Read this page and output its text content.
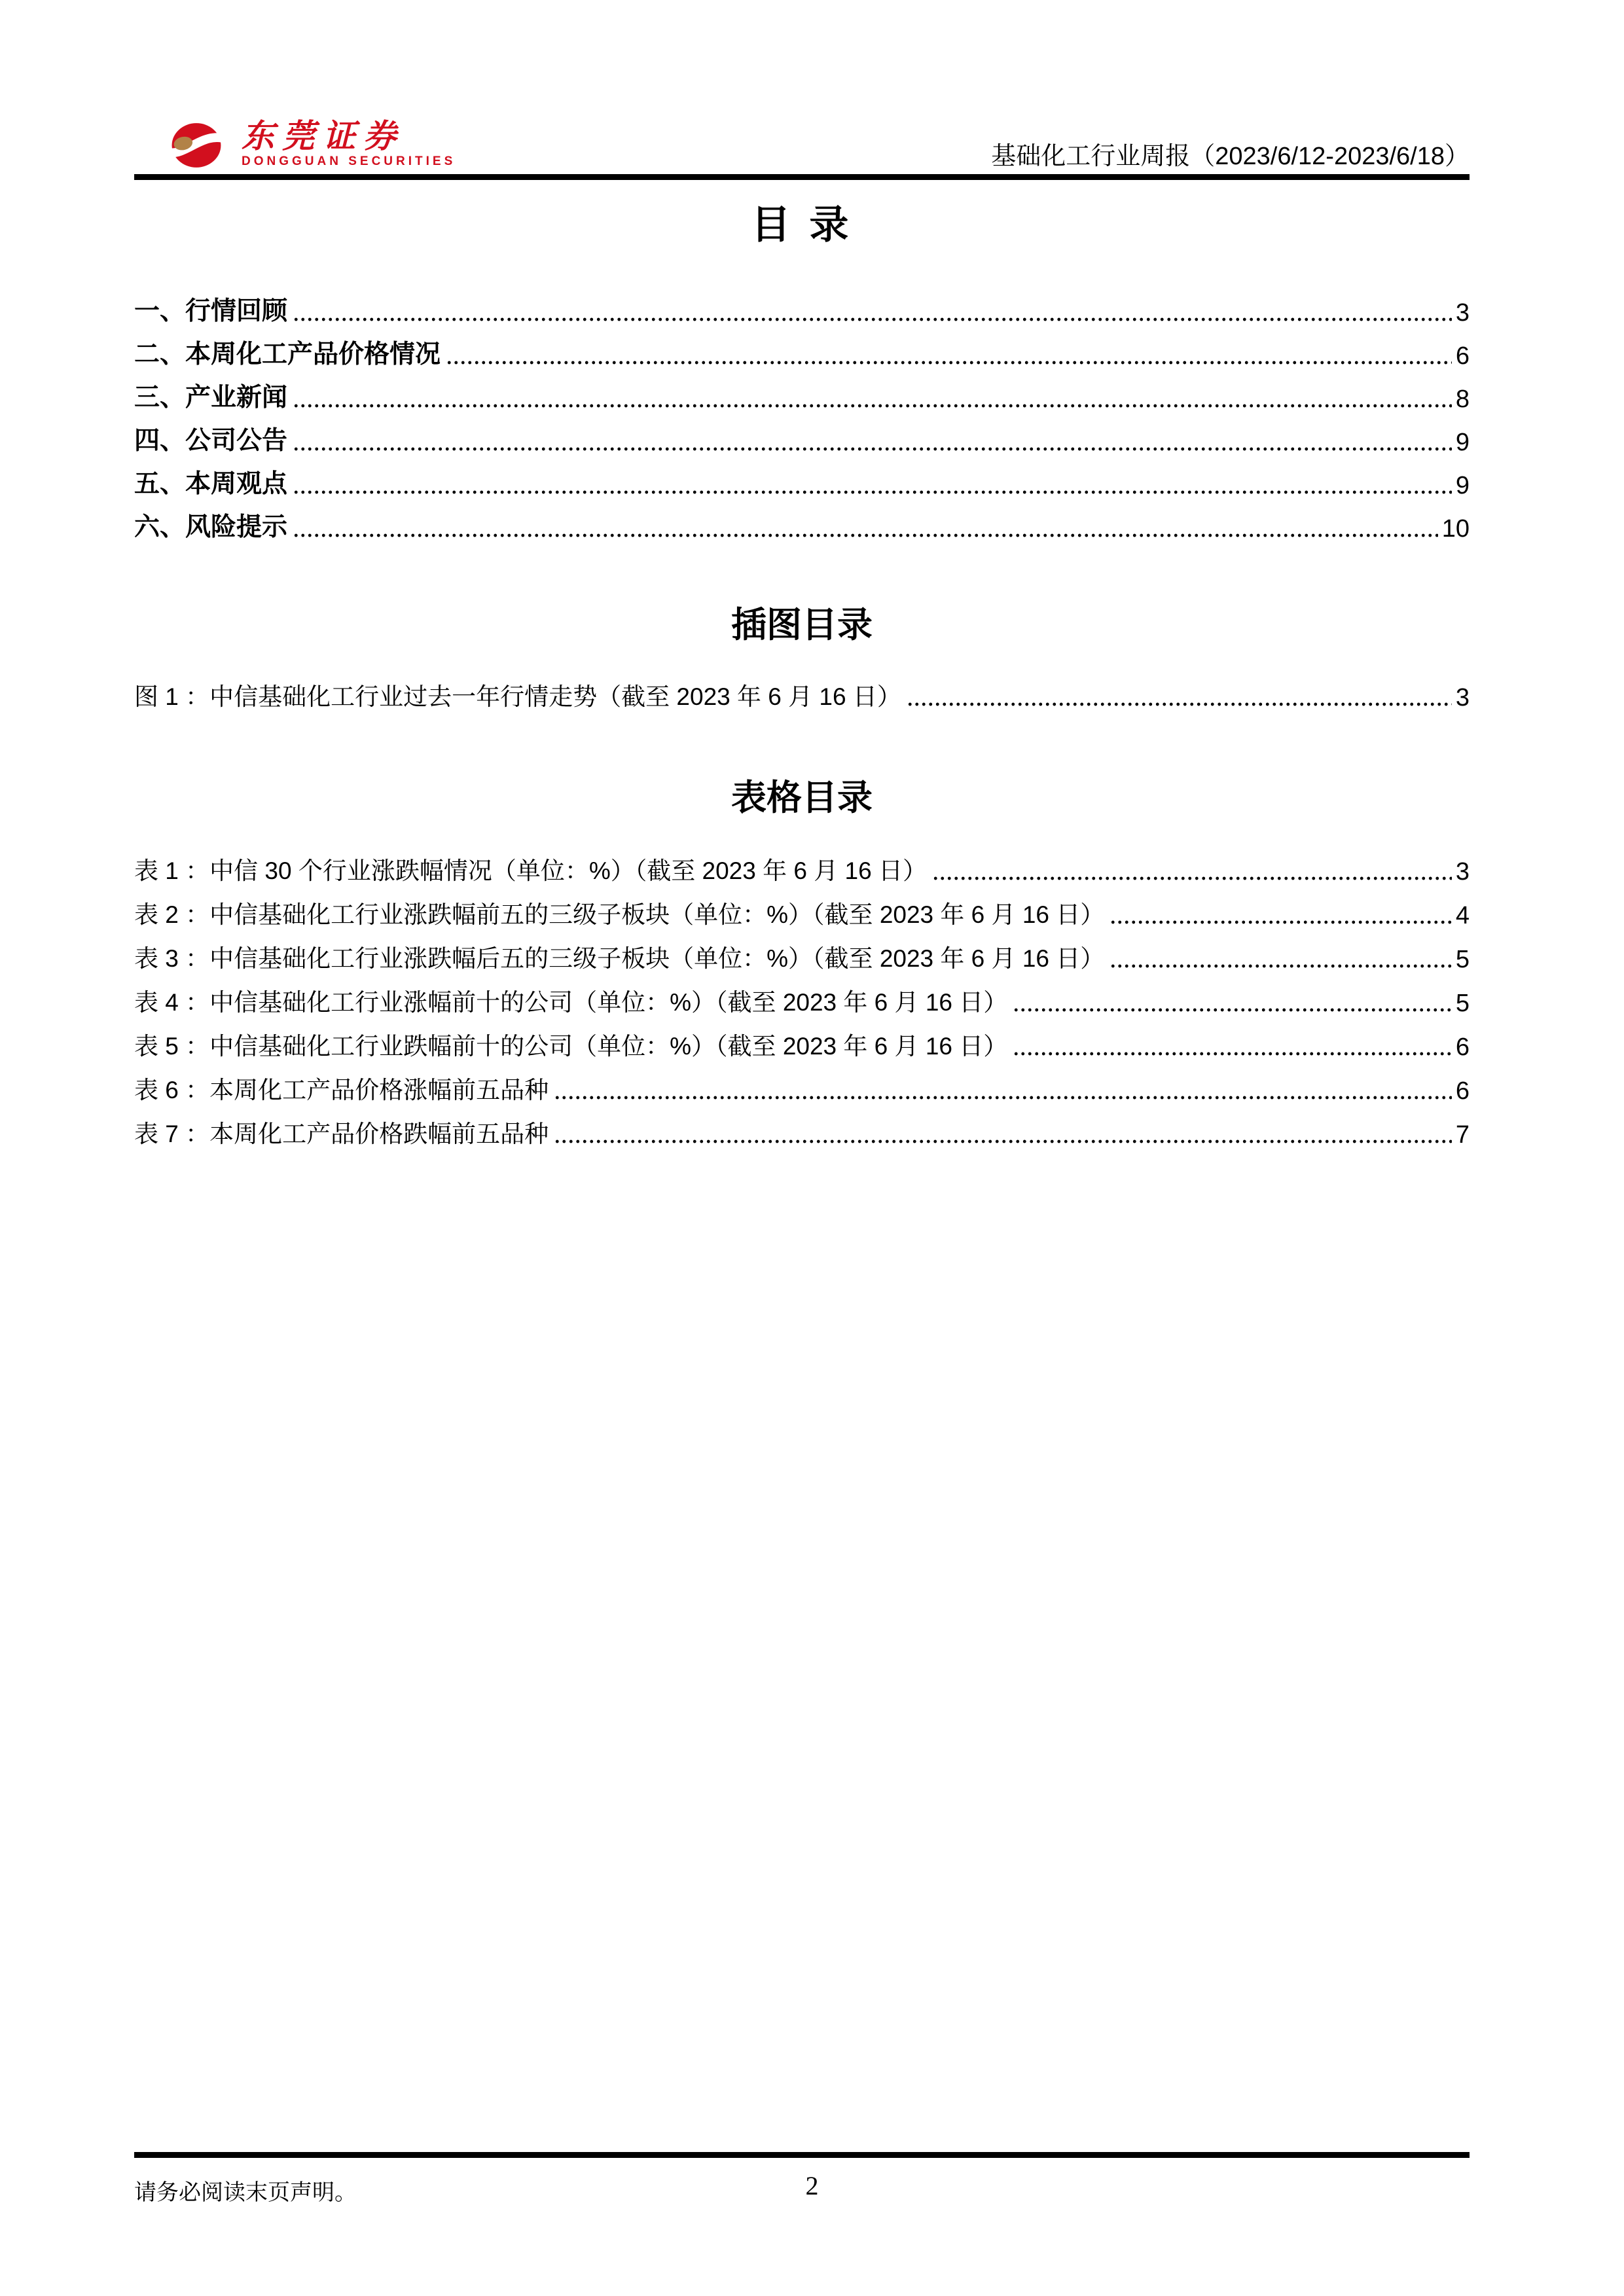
东莞证券
DONGGUAN SECURITIES	基础化工行业周报（2023/6/12-2023/6/18）
目 录
一、行情回顾	3
二、本周化工产品价格情况	6
三、产业新闻	8
四、公司公告	9
五、本周观点	9
六、风险提示	10
插图目录
图 1 ：中信基础化工行业过去一年行情走势（截至 2023 年 6 月 16 日）	3
表格目录
表 1 ：中信 30 个行业涨跌幅情况（单位：%）（截至 2023 年 6 月 16 日）	3
表 2 ：中信基础化工行业涨跌幅前五的三级子板块（单位：%）（截至 2023 年 6 月 16 日）	4
表 3 ：中信基础化工行业涨跌幅后五的三级子板块（单位：%）（截至 2023 年 6 月 16 日）	5
表 4 ：中信基础化工行业涨幅前十的公司（单位：%）（截至 2023 年 6 月 16 日）	5
表 5 ：中信基础化工行业跌幅前十的公司（单位：%）（截至 2023 年 6 月 16 日）	6
表 6 ：本周化工产品价格涨幅前五品种	6
表 7 ：本周化工产品价格跌幅前五品种	7
请务必阅读末页声明。	2
